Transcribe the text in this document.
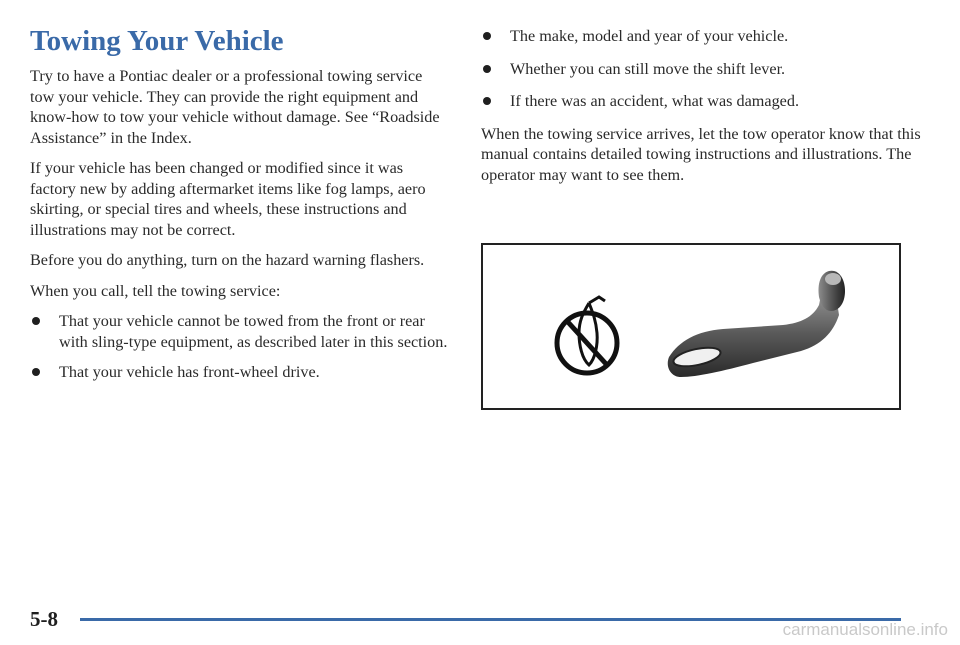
Towing Your Vehicle

Try to have a Pontiac dealer or a professional towing service tow your vehicle. They can provide the right equipment and know-how to tow your vehicle without damage. See “Roadside Assistance” in the Index.

If your vehicle has been changed or modified since it was factory new by adding aftermarket items like fog lamps, aero skirting, or special tires and wheels, these instructions and illustrations may not be correct.

Before you do anything, turn on the hazard warning flashers.

When you call, tell the towing service:

That your vehicle cannot be towed from the front or rear with sling-type equipment, as described later in this section.
That your vehicle has front-wheel drive.
The make, model and year of your vehicle.
Whether you can still move the shift lever.
If there was an accident, what was damaged.

When the towing service arrives, let the tow operator know that this manual contains detailed towing instructions and illustrations. The operator may want to see them.

5-8	carmanualsonline.info
